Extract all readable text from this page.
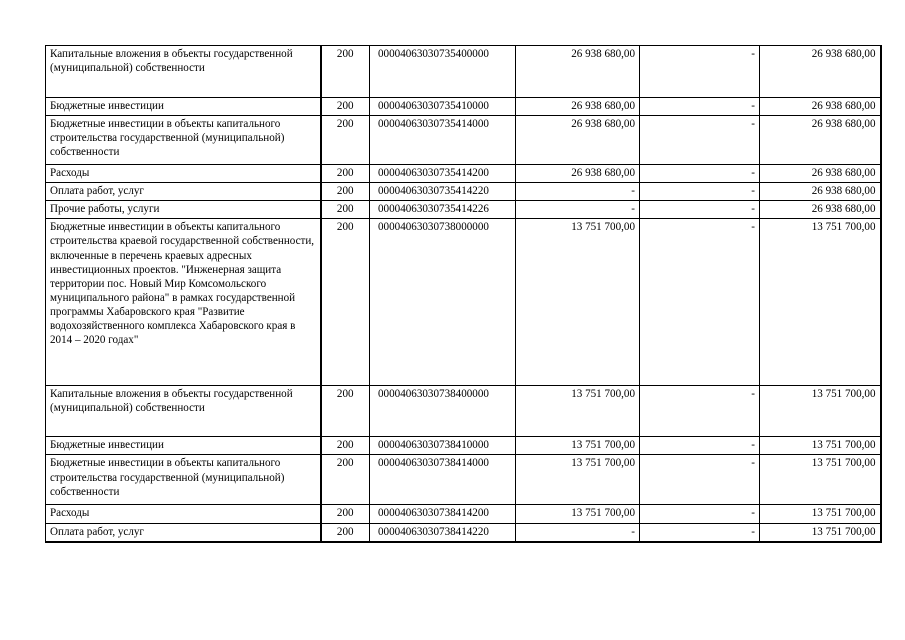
Капитальные вложения в объекты государственной (муниципальной) собственности	200	00004063030735400000	26 938 680,00	-	26 938 680,00
Бюджетные инвестиции	200	00004063030735410000	26 938 680,00	-	26 938 680,00
Бюджетные инвестиции в объекты капитального строительства государственной (муниципальной) собственности	200	00004063030735414000	26 938 680,00	-	26 938 680,00
Расходы	200	00004063030735414200	26 938 680,00	-	26 938 680,00
Оплата работ, услуг	200	00004063030735414220	-	-	26 938 680,00
Прочие работы, услуги	200	00004063030735414226	-	-	26 938 680,00
Бюджетные инвестиции в объекты капитального строительства краевой государственной собственности, включенные в перечень краевых адресных инвестиционных проектов. "Инженерная защита территории пос. Новый Мир Комсомольского муниципального района" в рамках государственной программы Хабаровского края "Развитие водохозяйственного комплекса Хабаровского края в 2014 – 2020 годах"	200	00004063030738000000	13 751 700,00	-	13 751 700,00
Капитальные вложения в объекты государственной (муниципальной) собственности	200	00004063030738400000	13 751 700,00	-	13 751 700,00
Бюджетные инвестиции	200	00004063030738410000	13 751 700,00	-	13 751 700,00
Бюджетные инвестиции в объекты капитального строительства государственной (муниципальной) собственности	200	00004063030738414000	13 751 700,00	-	13 751 700,00
Расходы	200	00004063030738414200	13 751 700,00	-	13 751 700,00
Оплата работ, услуг	200	00004063030738414220	-	-	13 751 700,00
